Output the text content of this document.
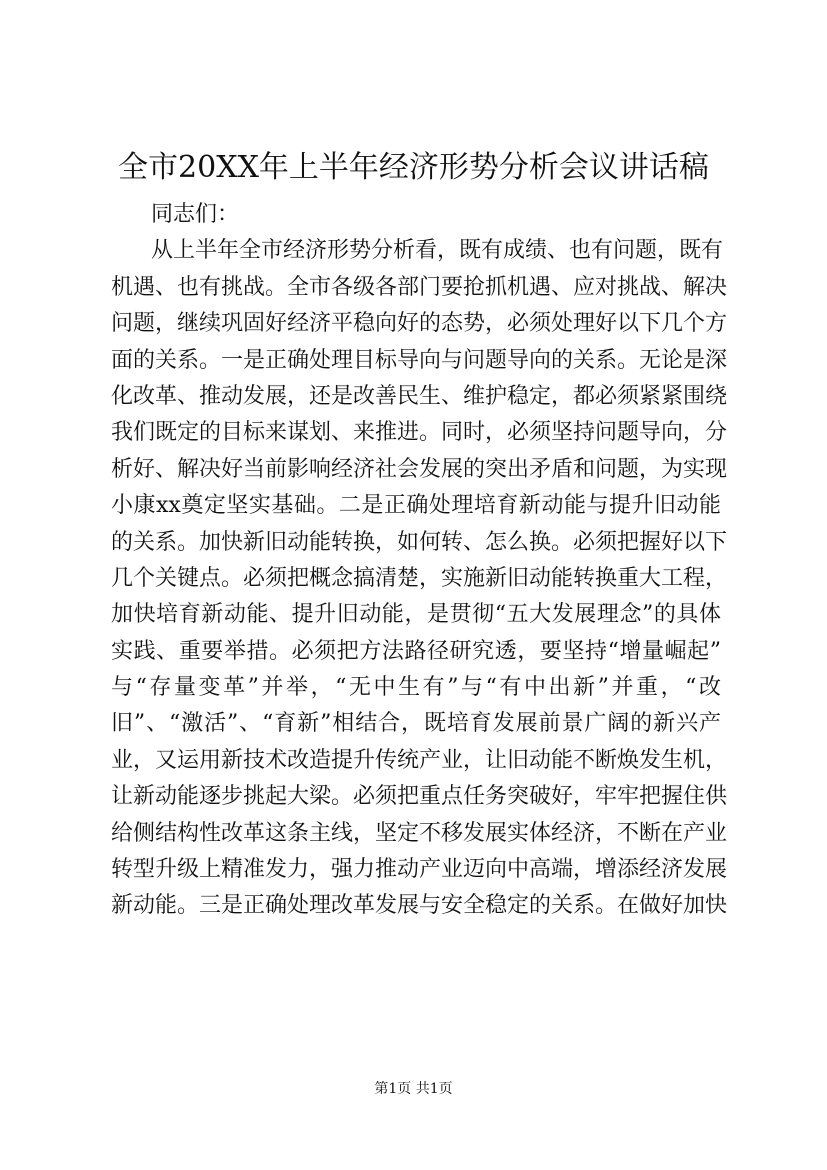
全市20XX年上半年经济形势分析会议讲话稿
同志们：
从上半年全市经济形势分析看，既有成绩、也有问题，既有
机遇、也有挑战。全市各级各部门要抢抓机遇、应对挑战、解决
问题，继续巩固好经济平稳向好的态势，必须处理好以下几个方
面的关系。一是正确处理目标导向与问题导向的关系。无论是深
化改革、推动发展，还是改善民生、维护稳定，都必须紧紧围绕
我们既定的目标来谋划、来推进。同时，必须坚持问题导向，分
析好、解决好当前影响经济社会发展的突出矛盾和问题，为实现
小康xx奠定坚实基础。二是正确处理培育新动能与提升旧动能
的关系。加快新旧动能转换，如何转、怎么换。必须把握好以下
几个关键点。必须把概念搞清楚，实施新旧动能转换重大工程，
加快培育新动能、提升旧动能，是贯彻“五大发展理念”的具体
实践、重要举措。必须把方法路径研究透，要坚持“增量崛起”
与“存量变革”并举，“无中生有”与“有中出新”并重，“改
旧”、“激活”、“育新”相结合，既培育发展前景广阔的新兴产
业，又运用新技术改造提升传统产业，让旧动能不断焕发生机，
让新动能逐步挑起大梁。必须把重点任务突破好，牢牢把握住供
给侧结构性改革这条主线，坚定不移发展实体经济，不断在产业
转型升级上精准发力，强力推动产业迈向中高端，增添经济发展
新动能。三是正确处理改革发展与安全稳定的关系。在做好加快
第1页 共1页
